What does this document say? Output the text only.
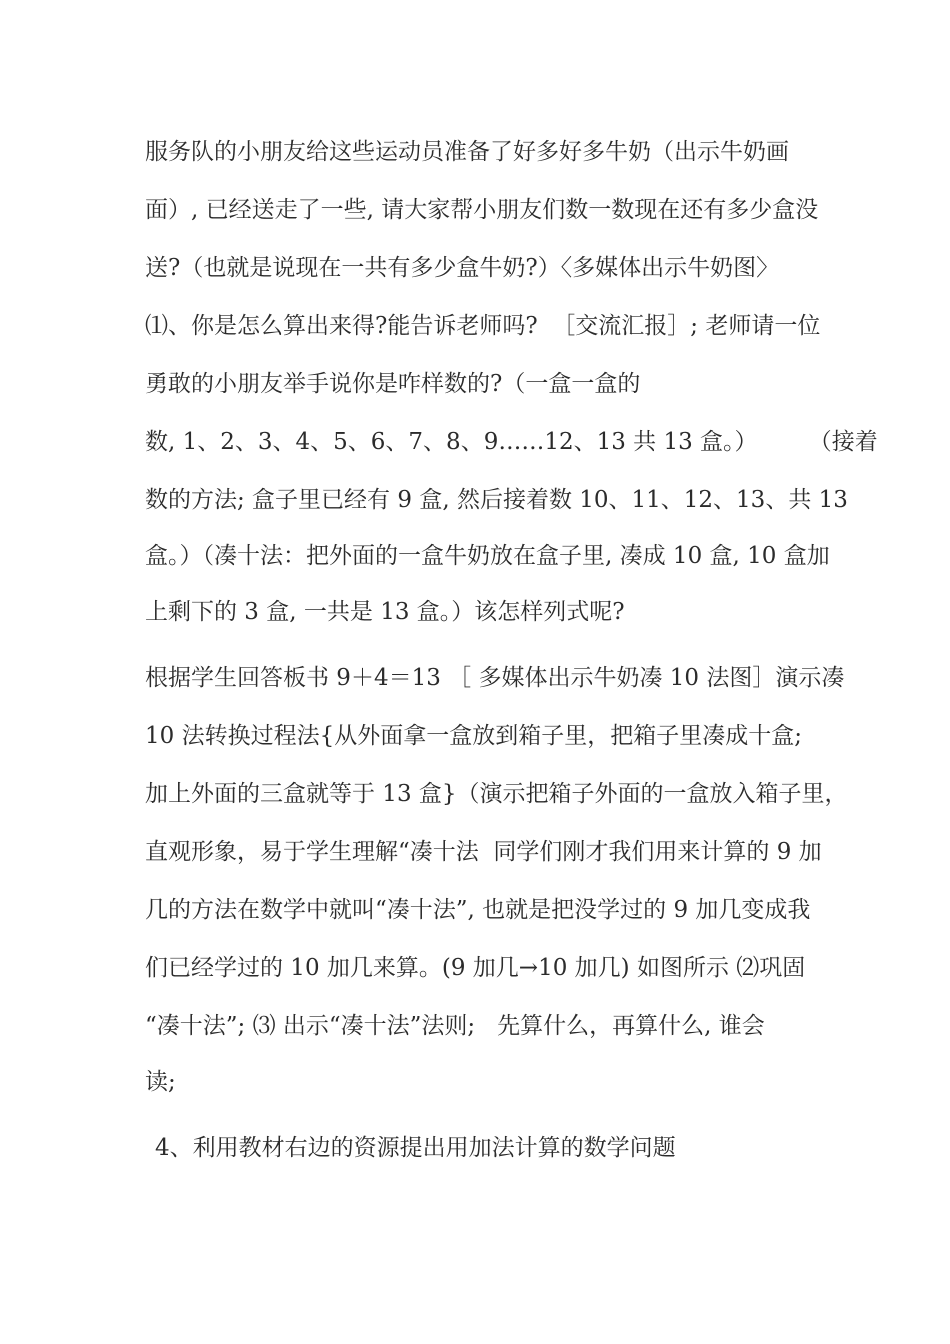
服务队的小朋友给这些运动员准备了好多好多牛奶（出示牛奶画
面）, 已经送走了一些, 请大家帮小朋友们数一数现在还有多少盒没
送?（也就是说现在一共有多少盒牛奶?）〈多媒体出示牛奶图〉
⑴、你是怎么算出来得?能告诉老师吗?  ［交流汇报］; 老师请一位
勇敢的小朋友举手说你是咋样数的?（一盒一盒的
数, 1、2、3、4、5、6、7、8、9……12、13 共 13 盒。）       （接着
数的方法; 盒子里已经有 9 盒, 然后接着数 10、11、12、13、共 13
盒。）（凑十法：把外面的一盒牛奶放在盒子里, 凑成 10 盒, 10 盒加
上剩下的 3 盒, 一共是 13 盒。）该怎样列式呢?
根据学生回答板书 9＋4＝13 ［ 多媒体出示牛奶凑 10 法图］演示凑
10 法转换过程法{从外面拿一盒放到箱子里，把箱子里凑成十盒;
加上外面的三盒就等于 13 盒}（演示把箱子外面的一盒放入箱子里，
直观形象，易于学生理解“凑十法  同学们刚才我们用来计算的 9 加
几的方法在数学中就叫“凑十法”, 也就是把没学过的 9 加几变成我
们已经学过的 10 加几来算。(9 加几→10 加几) 如图所示 ⑵巩固
“凑十法”; ⑶ 出示“凑十法”法则;   先算什么，再算什么, 谁会
读;
4、利用教材右边的资源提出用加法计算的数学问题
